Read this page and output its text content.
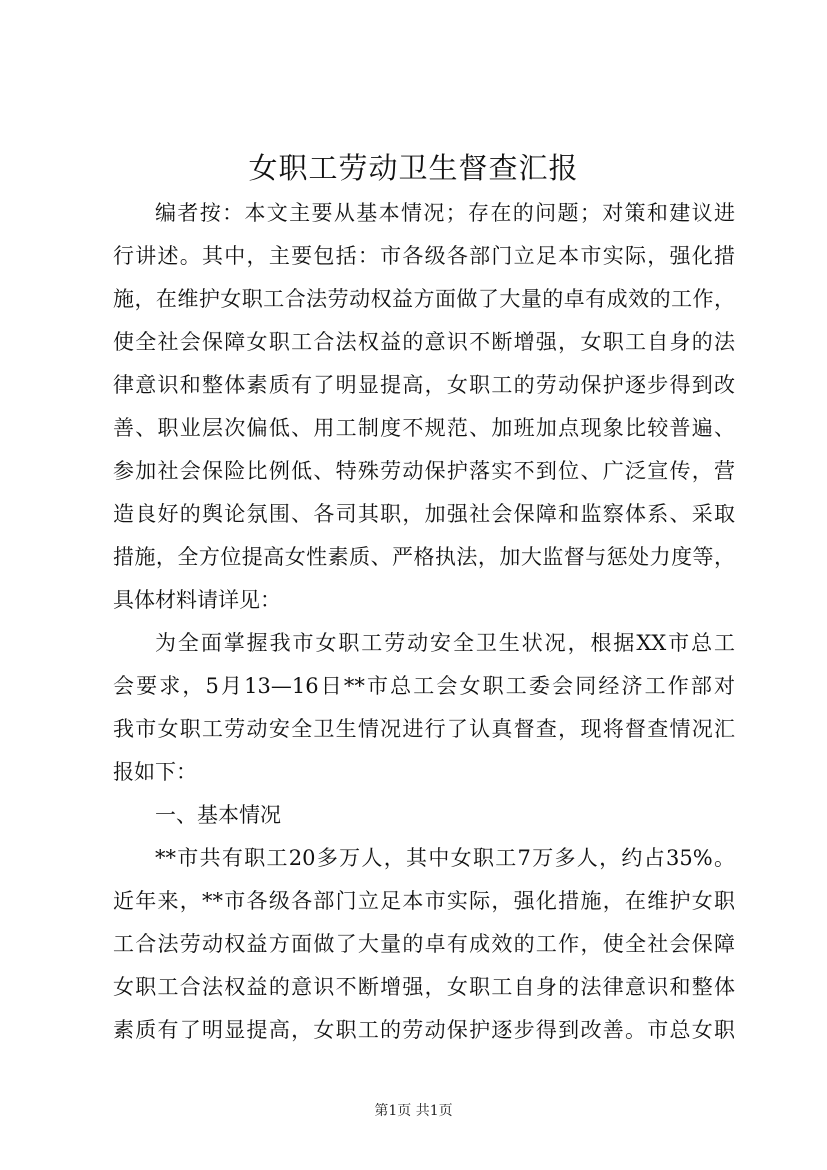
女职工劳动卫生督查汇报
编者按：本文主要从基本情况；存在的问题；对策和建议进
行讲述。其中，主要包括：市各级各部门立足本市实际，强化措
施，在维护女职工合法劳动权益方面做了大量的卓有成效的工作，
使全社会保障女职工合法权益的意识不断增强，女职工自身的法
律意识和整体素质有了明显提高，女职工的劳动保护逐步得到改
善、职业层次偏低、用工制度不规范、加班加点现象比较普遍、
参加社会保险比例低、特殊劳动保护落实不到位、广泛宣传，营
造良好的舆论氛围、各司其职，加强社会保障和监察体系、采取
措施，全方位提高女性素质、严格执法，加大监督与惩处力度等，
具体材料请详见：
为全面掌握我市女职工劳动安全卫生状况，根据XX市总工
会要求，5月13—16日**市总工会女职工委会同经济工作部对
我市女职工劳动安全卫生情况进行了认真督查，现将督查情况汇
报如下：
一、基本情况
**市共有职工20多万人，其中女职工7万多人，约占35%。
近年来，**市各级各部门立足本市实际，强化措施，在维护女职
工合法劳动权益方面做了大量的卓有成效的工作，使全社会保障
女职工合法权益的意识不断增强，女职工自身的法律意识和整体
素质有了明显提高，女职工的劳动保护逐步得到改善。市总女职
第1页 共1页
